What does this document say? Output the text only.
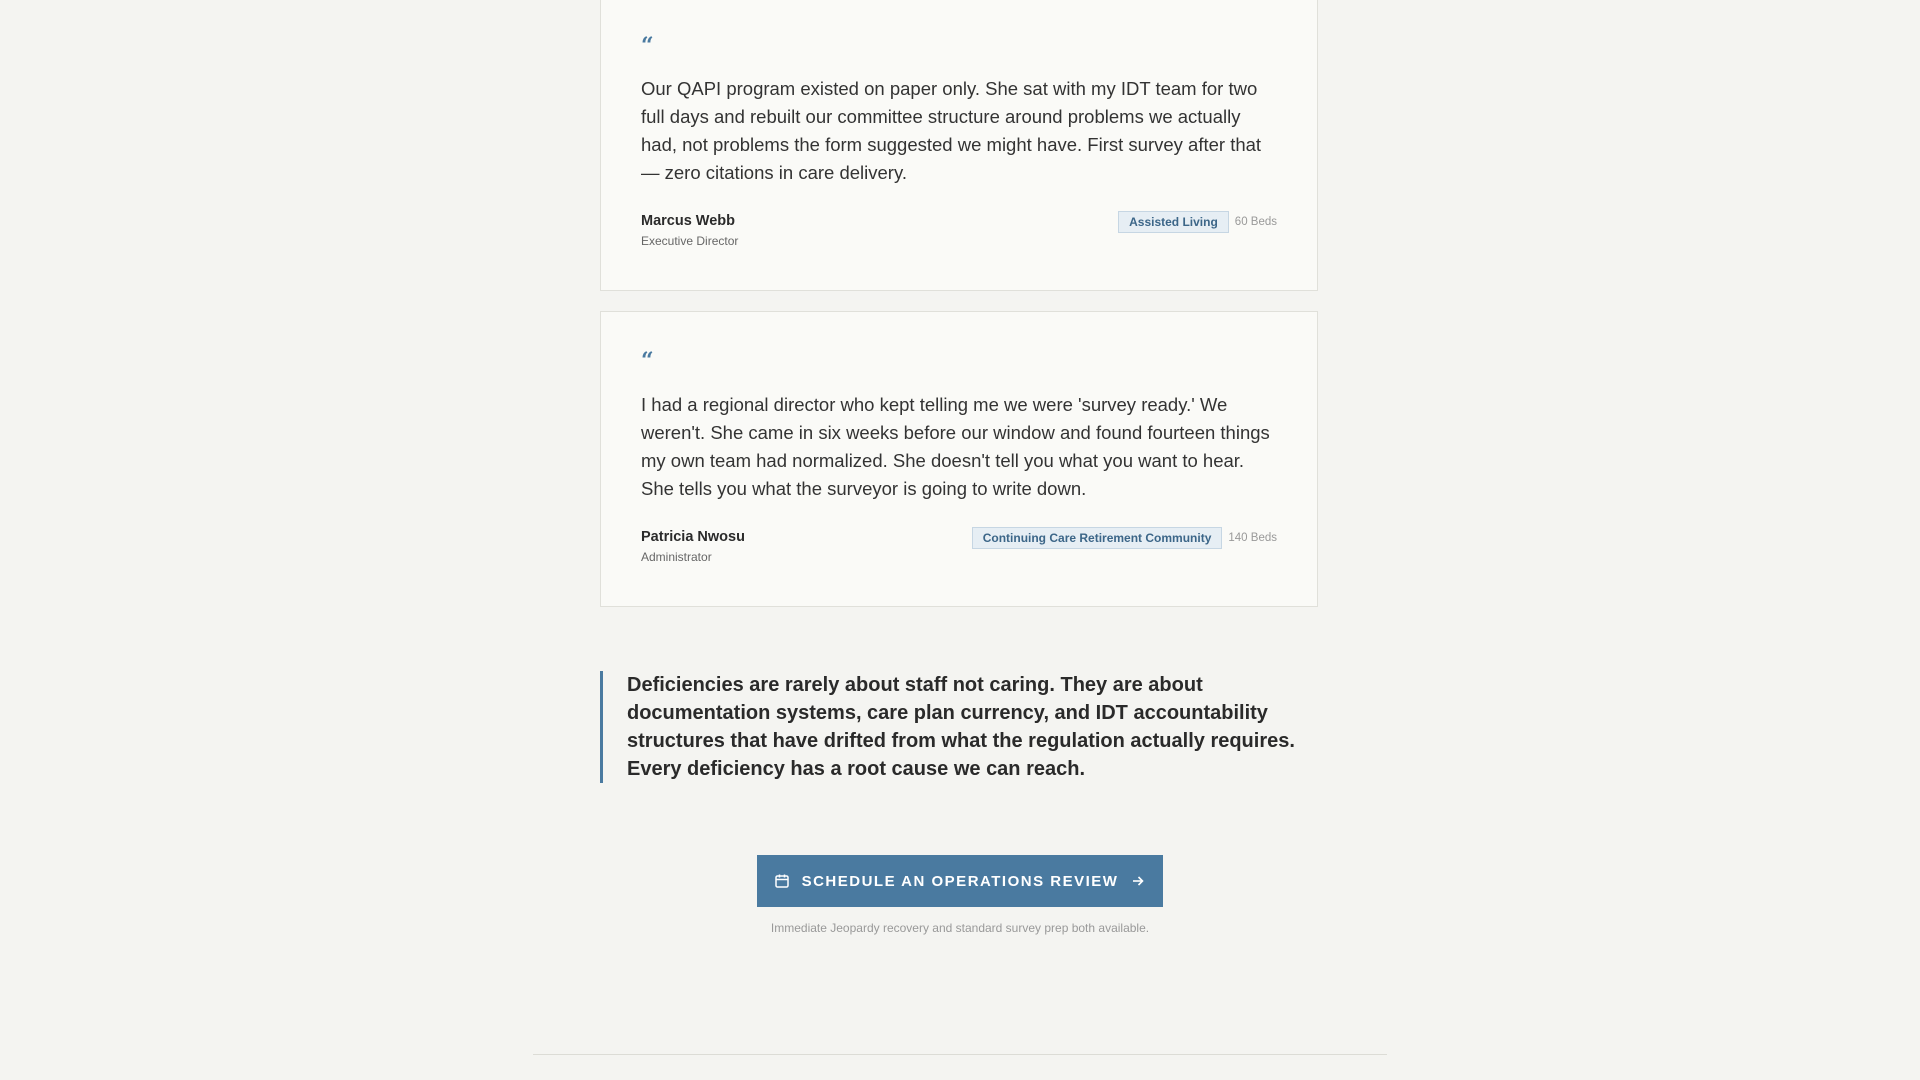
“

Our QAPI program existed on paper only. She sat with my IDT team for two full days and rebuilt our committee structure around problems we actually had, not problems the form suggested we might have. First survey after that — zero citations in care delivery.

Marcus Webb
Executive Director
Assisted Living	60 Beds
“

I had a regional director who kept telling me we were 'survey ready.' We weren't. She came in six weeks before our window and found fourteen things my own team had normalized. She doesn't tell you what you want to hear. She tells you what the surveyor is going to write down.

Patricia Nwosu
Administrator
Continuing Care Retirement Community	140 Beds

Deficiencies are rarely about staff not caring. They are about documentation systems, care plan currency, and IDT accountability structures that have drifted from what the regulation actually requires. Every deficiency has a root cause we can reach.

SCHEDULE AN OPERATIONS REVIEW
Immediate Jeopardy recovery and standard survey prep both available.
